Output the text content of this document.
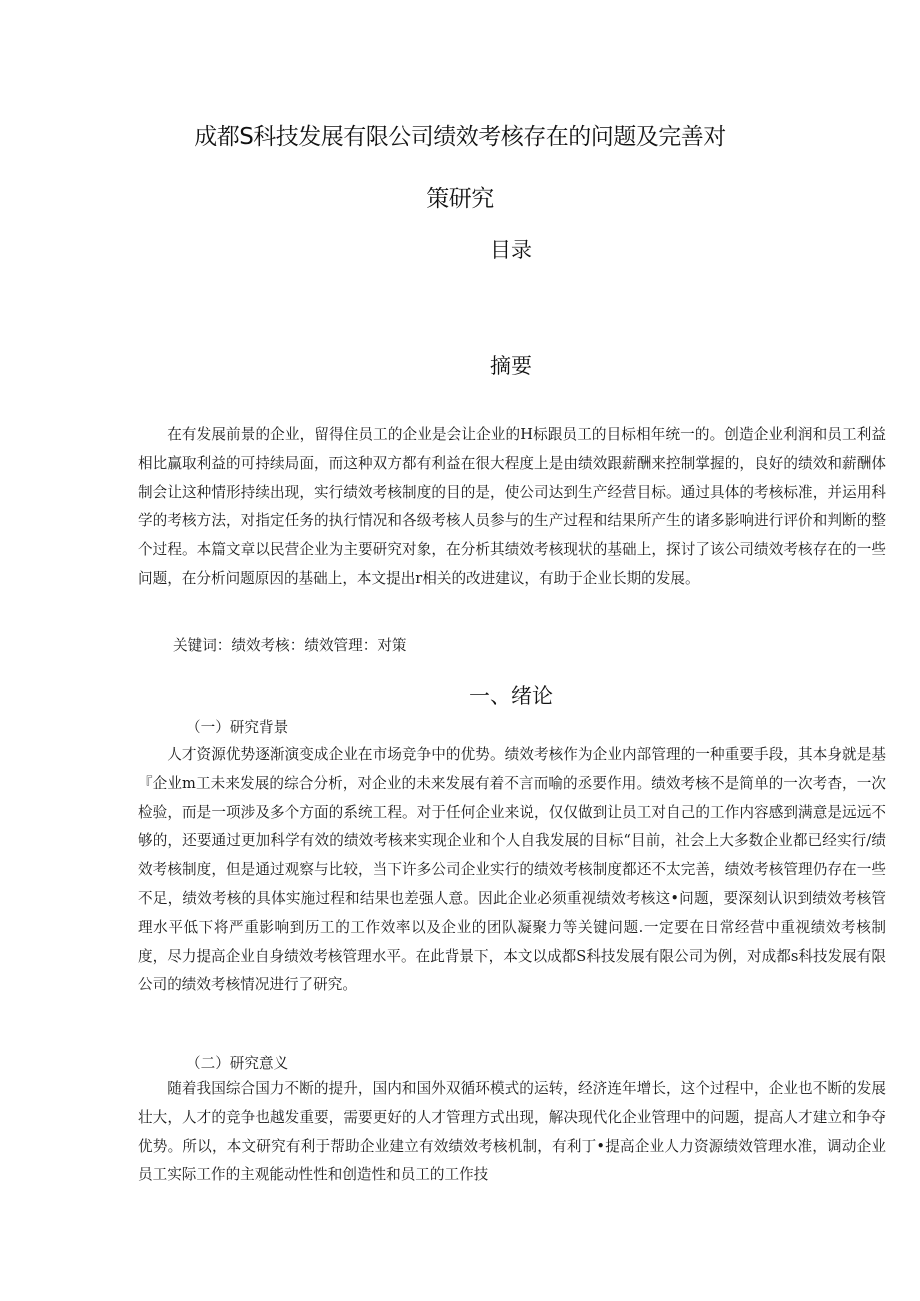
成都S科技发展有限公司绩效考核存在的问题及完善对
策研究
目录
摘要
在有发展前景的企业，留得住员工的企业是会让企业的H标跟员工的目标相年统一的。创造企业利润和员工利益相比赢取利益的可持续局面，而这种双方都有利益在很大程度上是由绩效跟薪酬来控制掌握的，良好的绩效和薪酬体制会让这种情形持续出现，实行绩效考核制度的目的是，使公司达到生产经营目标。通过具体的考核标准，并运用科学的考核方法，对指定任务的执行情况和各级考核人员参与的生产过程和结果所产生的诸多影响进行评价和判断的整个过程。本篇文章以民营企业为主要研究对象，在分析其绩效考核现状的基础上，探讨了该公司绩效考核存在的一些问题，在分析问题原因的基础上，本文提出r相关的改进建议，有助于企业长期的发展。
关键词：绩效考核：绩效管理：对策
一、绪论
（一）研究背景
人才资源优势逐渐演变成企业在市场竞争中的优势。绩效考核作为企业内部管理的一种重要手段，其本身就是基『企业m工未来发展的综合分析，对企业的未来发展有着不言而喻的丞要作用。绩效考核不是简单的一次考杳，一次检验，而是一项涉及多个方面的系统工程。对于任何企业来说，仅仅做到让员工对自己的工作内容感到满意是远远不够的，还要通过更加科学有效的绩效考核来实现企业和个人自我发展的目标“目前，社会上大多数企业都已经实行/绩效考核制度，但是通过观察与比较，当下许多公司企业实行的绩效考核制度都还不太完善，绩效考核管理仍存在一些不足，绩效考核的具体实施过程和结果也差强人意。因此企业必须重视绩效考核这•问题，要深刻认识到绩效考核管理水平低下将严重影响到历工的工作效率以及企业的团队凝聚力等关键问题.一定要在日常经营中重视绩效考核制度，尽力提高企业自身绩效考核管理水平。在此背景下，本文以成都S科技发展有限公司为例，对成都s科技发展有限公司的绩效考核情况进行了研究。
（二）研究意义
随着我国综合国力不断的提升，国内和国外双循环模式的运转，经济连年增长，这个过程中，企业也不断的发展壮大，人才的竞争也越发重要，需要更好的人才管理方式出现，解决现代化企业管理中的问题，提高人才建立和争夺优势。所以，本文研究有利于帮助企业建立有效绩效考核机制，有利丁•提高企业人力资源绩效管理水准，调动企业员工实际工作的主观能动性性和创造性和员工的工作技
